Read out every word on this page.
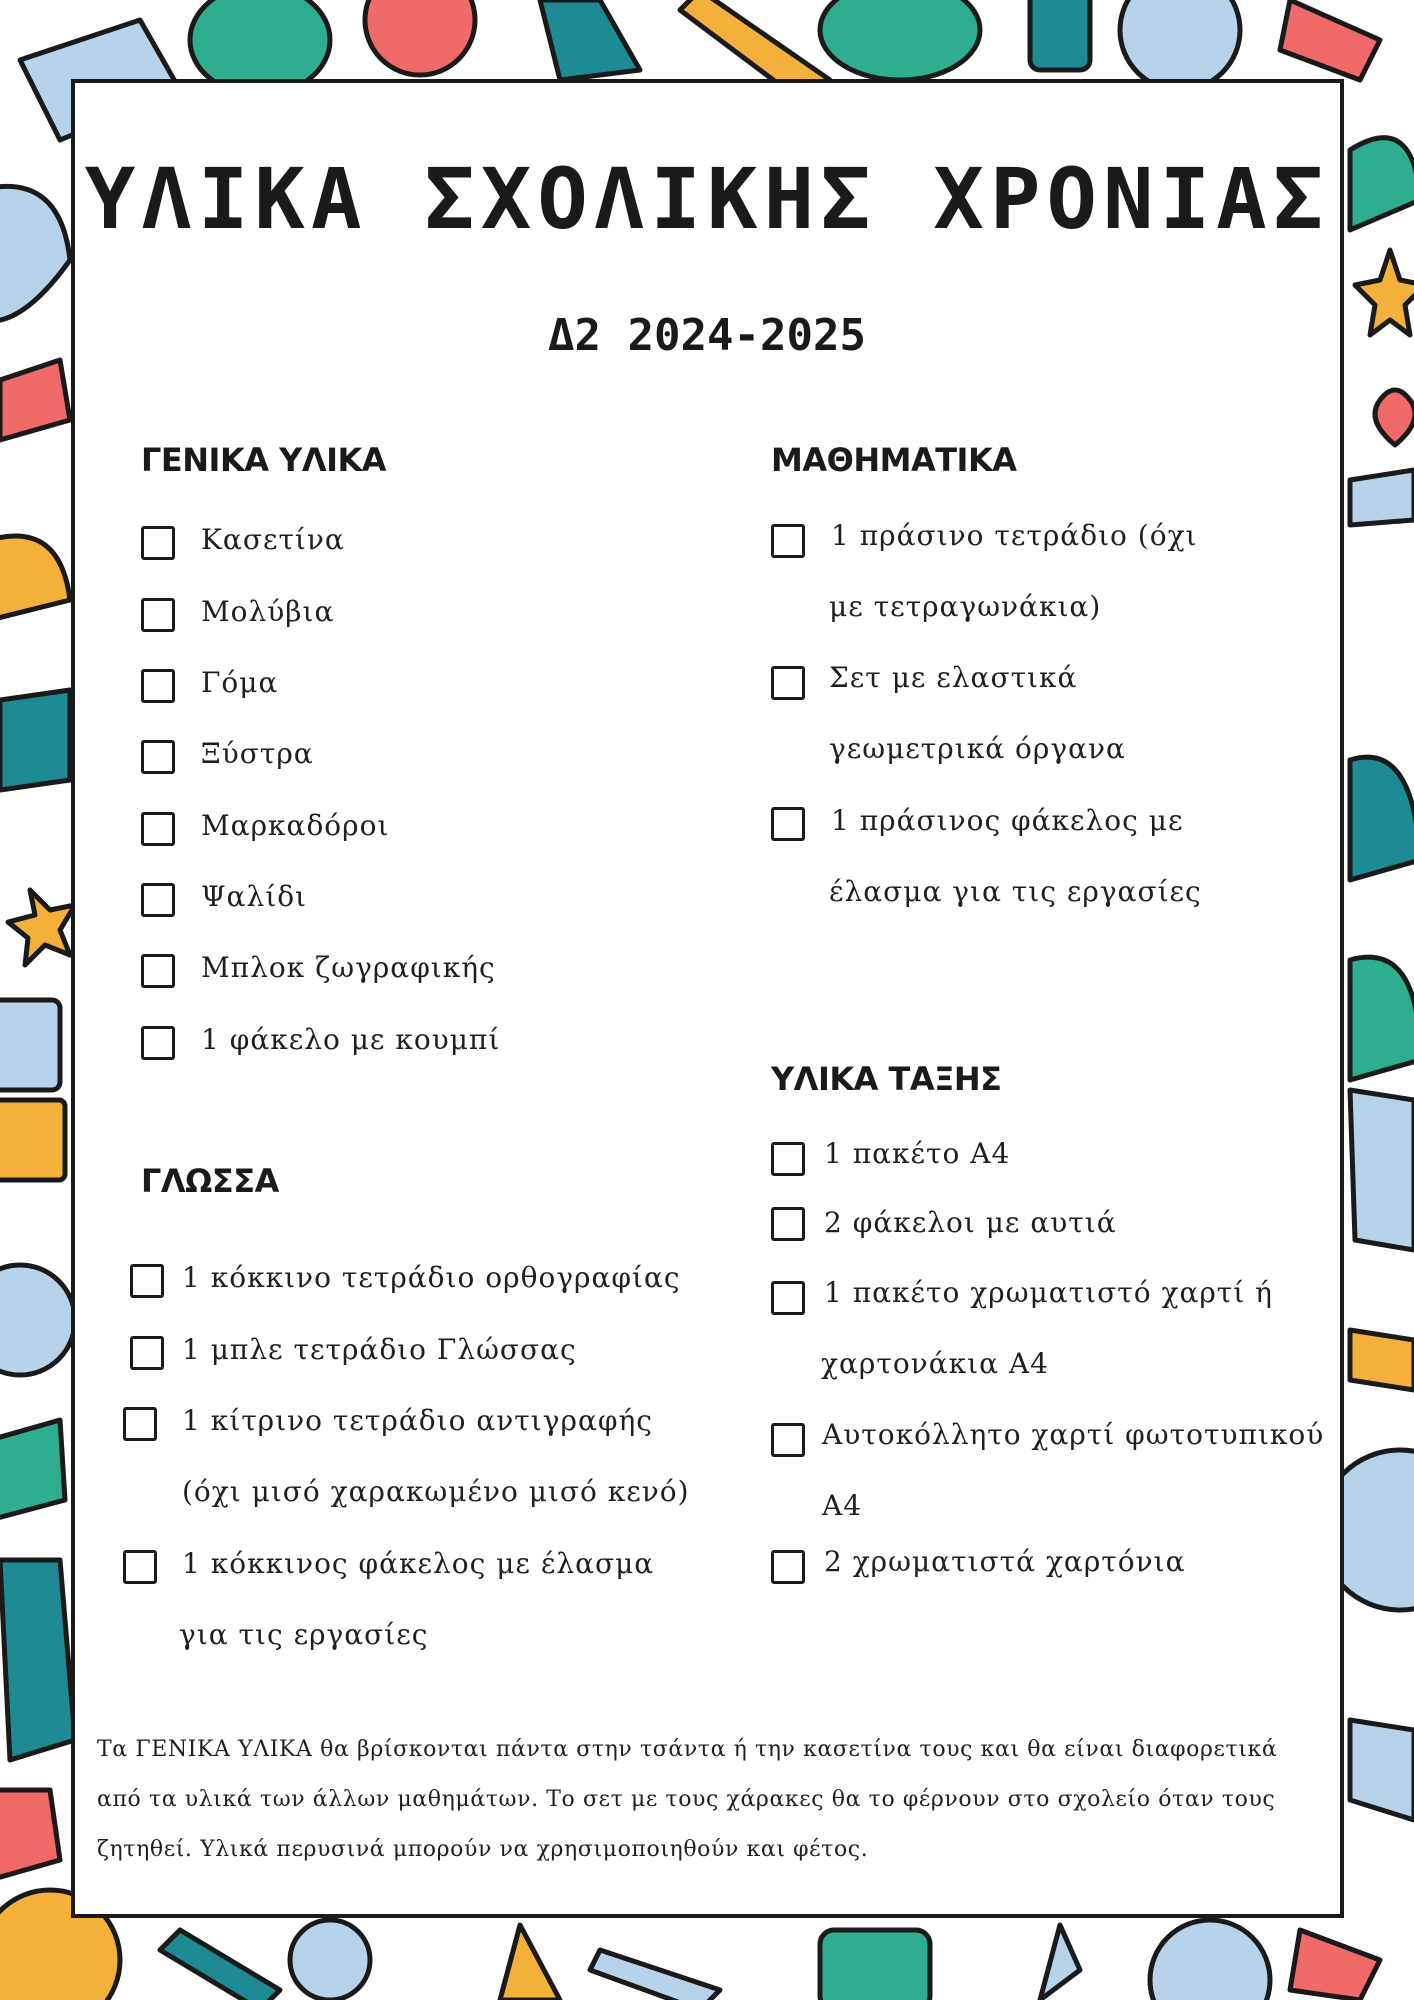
ΥΛΙΚΑ ΣΧΟΛΙΚΗΣ ΧΡΟΝΙΑΣ
Δ2 2024-2025
ΓΕΝΙΚΑ ΥΛΙΚΑ
Κασετίνα
Μολύβια
Γόμα
Ξύστρα
Μαρκαδόροι
Ψαλίδι
Μπλοκ ζωγραφικής
1 φάκελο με κουμπί
ΓΛΩΣΣΑ
1 κόκκινο τετράδιο ορθογραφίας
1 μπλε τετράδιο Γλώσσας
1 κίτρινο τετράδιο αντιγραφής
(όχι μισό χαρακωμένο μισό κενό)
1 κόκκινος φάκελος με έλασμα
για τις εργασίες
ΜΑΘΗΜΑΤΙΚΑ
1 πράσινο τετράδιο (όχι
με τετραγωνάκια)
Σετ με ελαστικά
γεωμετρικά όργανα
1 πράσινος φάκελος με
έλασμα για τις εργασίες
ΥΛΙΚΑ ΤΑΞΗΣ
1 πακέτο Α4
2 φάκελοι με αυτιά
1 πακέτο χρωματιστό χαρτί ή
χαρτονάκια Α4
Αυτοκόλλητο χαρτί φωτοτυπικού
Α4
2 χρωματιστά χαρτόνια
Τα ΓΕΝΙΚΑ ΥΛΙΚΑ θα βρίσκονται πάντα στην τσάντα ή την κασετίνα τους και θα είναι διαφορετικά
από τα υλικά των άλλων μαθημάτων. Το σετ με τους χάρακες θα το φέρνουν στο σχολείο όταν τους
ζητηθεί. Υλικά περυσινά μπορούν να χρησιμοποιηθούν και φέτος.
